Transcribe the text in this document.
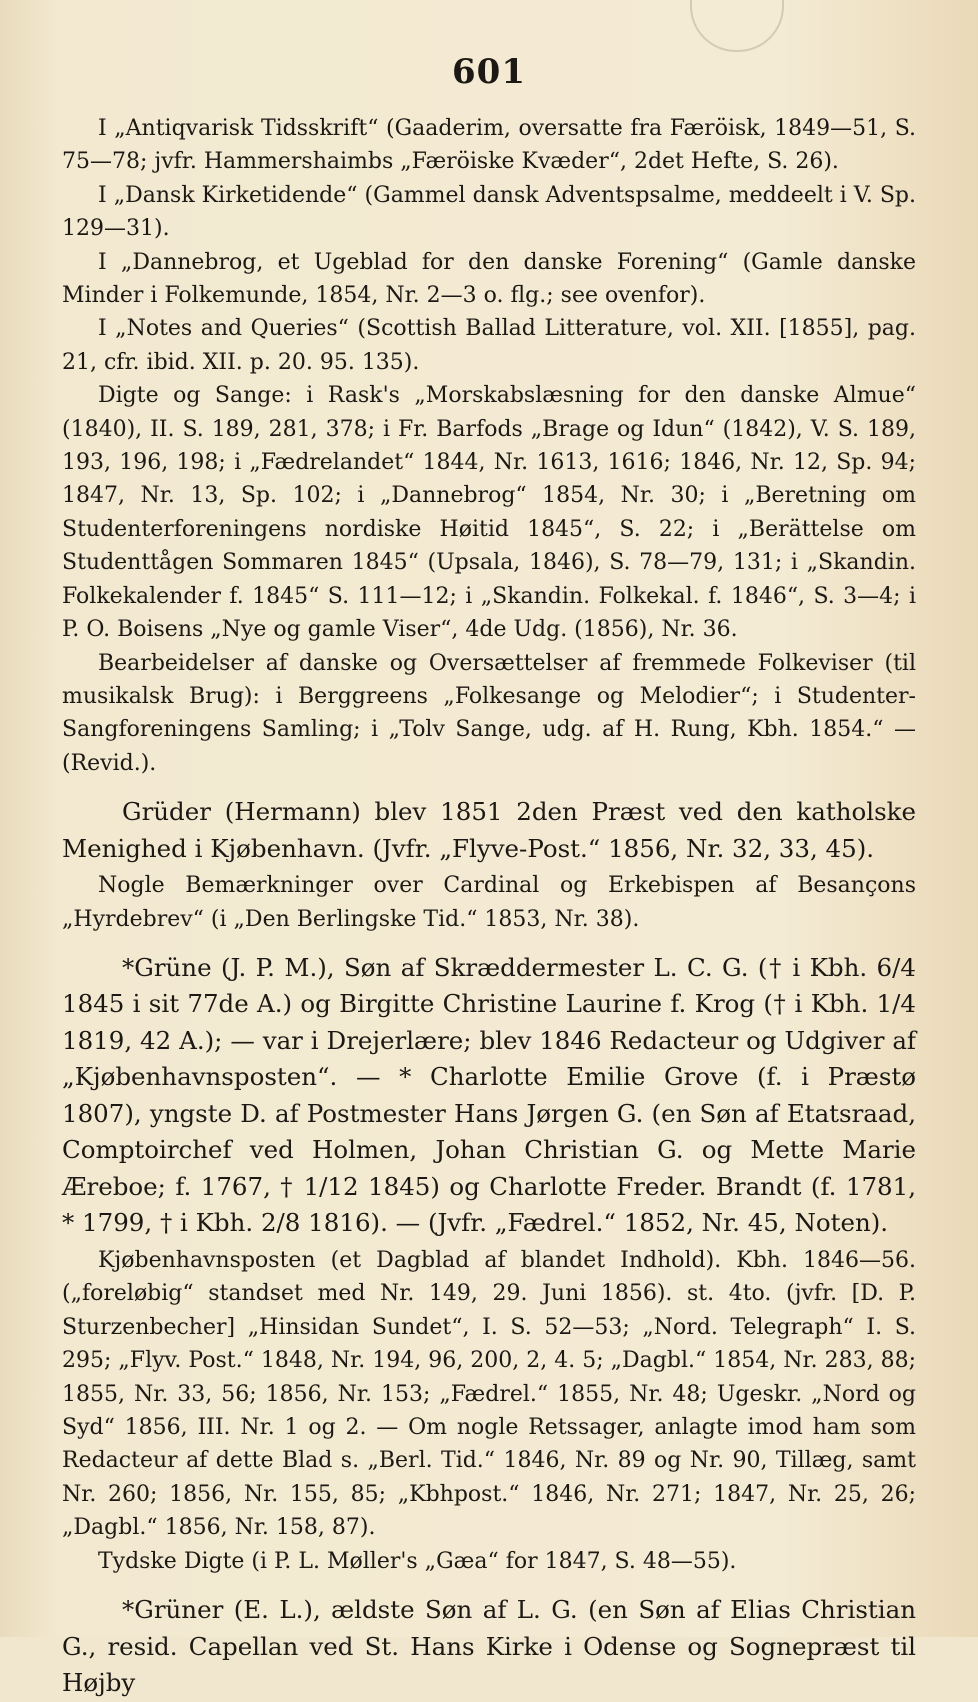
601

I „Antiqvarisk Tidsskrift“ (Gaaderim, oversatte fra Færöisk, 1849—51, S. 75—78; jvfr. Hammershaimbs „Færöiske Kvæder“, 2det Hefte, S. 26).

I „Dansk Kirketidende“ (Gammel dansk Adventspsalme, meddeelt i V. Sp. 129—31).

I „Dannebrog, et Ugeblad for den danske Forening“ (Gamle danske Minder i Folkemunde, 1854, Nr. 2—3 o. flg.; see ovenfor).

I „Notes and Queries“ (Scottish Ballad Litterature, vol. XII. [1855], pag. 21, cfr. ibid. XII. p. 20. 95. 135).

Digte og Sange: i Rask's „Morskabslæsning for den danske Almue“ (1840), II. S. 189, 281, 378; i Fr. Barfods „Brage og Idun“ (1842), V. S. 189, 193, 196, 198; i „Fædrelandet“ 1844, Nr. 1613, 1616; 1846, Nr. 12, Sp. 94; 1847, Nr. 13, Sp. 102; i „Dannebrog“ 1854, Nr. 30; i „Beretning om Studenterforeningens nordiske Høitid 1845“, S. 22; i „Berättelse om Studenttågen Sommaren 1845“ (Upsala, 1846), S. 78—79, 131; i „Skandin. Folkekalender f. 1845“ S. 111—12; i „Skandin. Folkekal. f. 1846“, S. 3—4; i P. O. Boisens „Nye og gamle Viser“, 4de Udg. (1856), Nr. 36.

Bearbeidelser af danske og Oversættelser af fremmede Folkeviser (til musikalsk Brug): i Berggreens „Folkesange og Melodier“; i Studenter-Sangforeningens Samling; i „Tolv Sange, udg. af H. Rung, Kbh. 1854.“ — (Revid.).

Grüder (Hermann) blev 1851 2den Præst ved den katholske Menighed i Kjøbenhavn. (Jvfr. „Flyve-Post.“ 1856, Nr. 32, 33, 45).

Nogle Bemærkninger over Cardinal og Erkebispen af Besançons „Hyrdebrev“ (i „Den Berlingske Tid.“ 1853, Nr. 38).

*Grüne (J. P. M.), Søn af Skræddermester L. C. G. († i Kbh. 6/4 1845 i sit 77de A.) og Birgitte Christine Laurine f. Krog († i Kbh. 1/4 1819, 42 A.); — var i Drejerlære; blev 1846 Redacteur og Udgiver af „Kjøbenhavnsposten“. — * Charlotte Emilie Grove (f. i Præstø 1807), yngste D. af Postmester Hans Jørgen G. (en Søn af Etatsraad, Comptoirchef ved Holmen, Johan Christian G. og Mette Marie Æreboe; f. 1767, † 1/12 1845) og Charlotte Freder. Brandt (f. 1781, * 1799, † i Kbh. 2/8 1816). — (Jvfr. „Fædrel.“ 1852, Nr. 45, Noten).

Kjøbenhavnsposten (et Dagblad af blandet Indhold). Kbh. 1846—56. („foreløbig“ standset med Nr. 149, 29. Juni 1856). st. 4to. (jvfr. [D. P. Sturzenbecher] „Hinsidan Sundet“, I. S. 52—53; „Nord. Telegraph“ I. S. 295; „Flyv. Post.“ 1848, Nr. 194, 96, 200, 2, 4. 5; „Dagbl.“ 1854, Nr. 283, 88; 1855, Nr. 33, 56; 1856, Nr. 153; „Fædrel.“ 1855, Nr. 48; Ugeskr. „Nord og Syd“ 1856, III. Nr. 1 og 2. — Om nogle Retssager, anlagte imod ham som Redacteur af dette Blad s. „Berl. Tid.“ 1846, Nr. 89 og Nr. 90, Tillæg, samt Nr. 260; 1856, Nr. 155, 85; „Kbhpost.“ 1846, Nr. 271; 1847, Nr. 25, 26; „Dagbl.“ 1856, Nr. 158, 87).

Tydske Digte (i P. L. Møller's „Gæa“ for 1847, S. 48—55).

*Grüner (E. L.), ældste Søn af L. G. (en Søn af Elias Christian G., resid. Capellan ved St. Hans Kirke i Odense og Sognepræst til Højby
